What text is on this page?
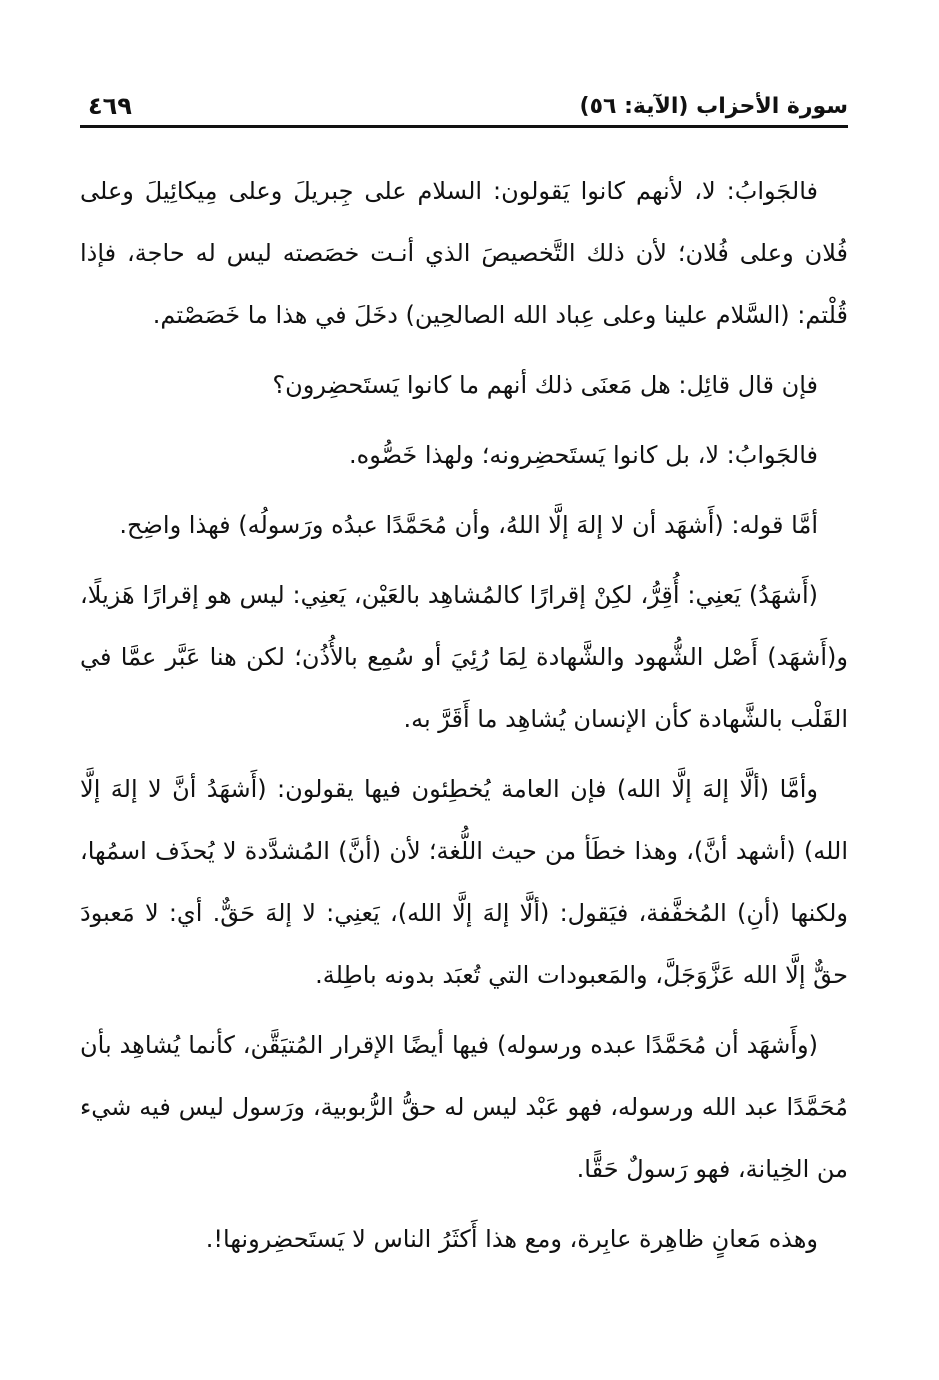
سورة الأحزاب (الآية: ٥٦)
٤٦٩

فالجَوابُ: لا، لأنهم كانوا يَقولون: السلام على جِبريلَ وعلى مِيكائِيلَ وعلى فُلان وعلى فُلان؛ لأن ذلك التَّخصيصَ الذي أنـت خصَصته ليس له حاجة، فإذا قُلْتم: (السَّلام علينا وعلى عِباد الله الصالحِين) دخَلَ في هذا ما خَصَصْتم.

فإن قال قائِل: هل مَعنَى ذلك أنهم ما كانوا يَستَحضِرون؟

فالجَوابُ: لا، بل كانوا يَستَحضِرونه؛ ولهذا خَصُّوه.

أمَّا قوله: (أَشهَد أن لا إلهَ إلَّا اللهُ، وأن مُحَمَّدًا عبدُه ورَسولُه) فهذا واضِح.

(أَشهَدُ) يَعنِي: أُقِرُّ، لكِنْ إقرارًا كالمُشاهِد بالعَيْن، يَعنِي: ليس هو إقرارًا هَزيلًا، و(أَشهَد) أَصْل الشُّهود والشَّهادة لِمَا رُئِيَ أو سُمِع بالأُذُن؛ لكن هنا عَبَّر عمَّا في القَلْب بالشَّهادة كأن الإنسان يُشاهِد ما أَقَرَّ به.

وأمَّا (ألَّا إلهَ إلَّا الله) فإن العامة يُخطِئون فيها يقولون: (أَشهَدُ أنَّ لا إلهَ إلَّا الله) (أشهد أنَّ)، وهذا خطَأ من حيث اللُّغة؛ لأن (أنَّ) المُشدَّدة لا يُحذَف اسمُها، ولكنها (أنِ) المُخفَّفة، فيَقول: (ألَّا إلهَ إلَّا الله)، يَعنِي: لا إلهَ حَقٌّ. أي: لا مَعبودَ حقٌّ إلَّا الله عَزَّوَجَلَّ، والمَعبودات التي تُعبَد بدونه باطِلة.

(وأَشهَد أن مُحَمَّدًا عبده ورسوله) فيها أيضًا الإقرار المُتيَقَّن، كأنما يُشاهِد بأن مُحَمَّدًا عبد الله ورسوله، فهو عَبْد ليس له حقُّ الرُّبوبية، ورَسول ليس فيه شيء من الخِيانة، فهو رَسولٌ حَقًّا.

وهذه مَعانٍ ظاهِرة عابِرة، ومع هذا أَكثَرُ الناس لا يَستَحضِرونها!.
